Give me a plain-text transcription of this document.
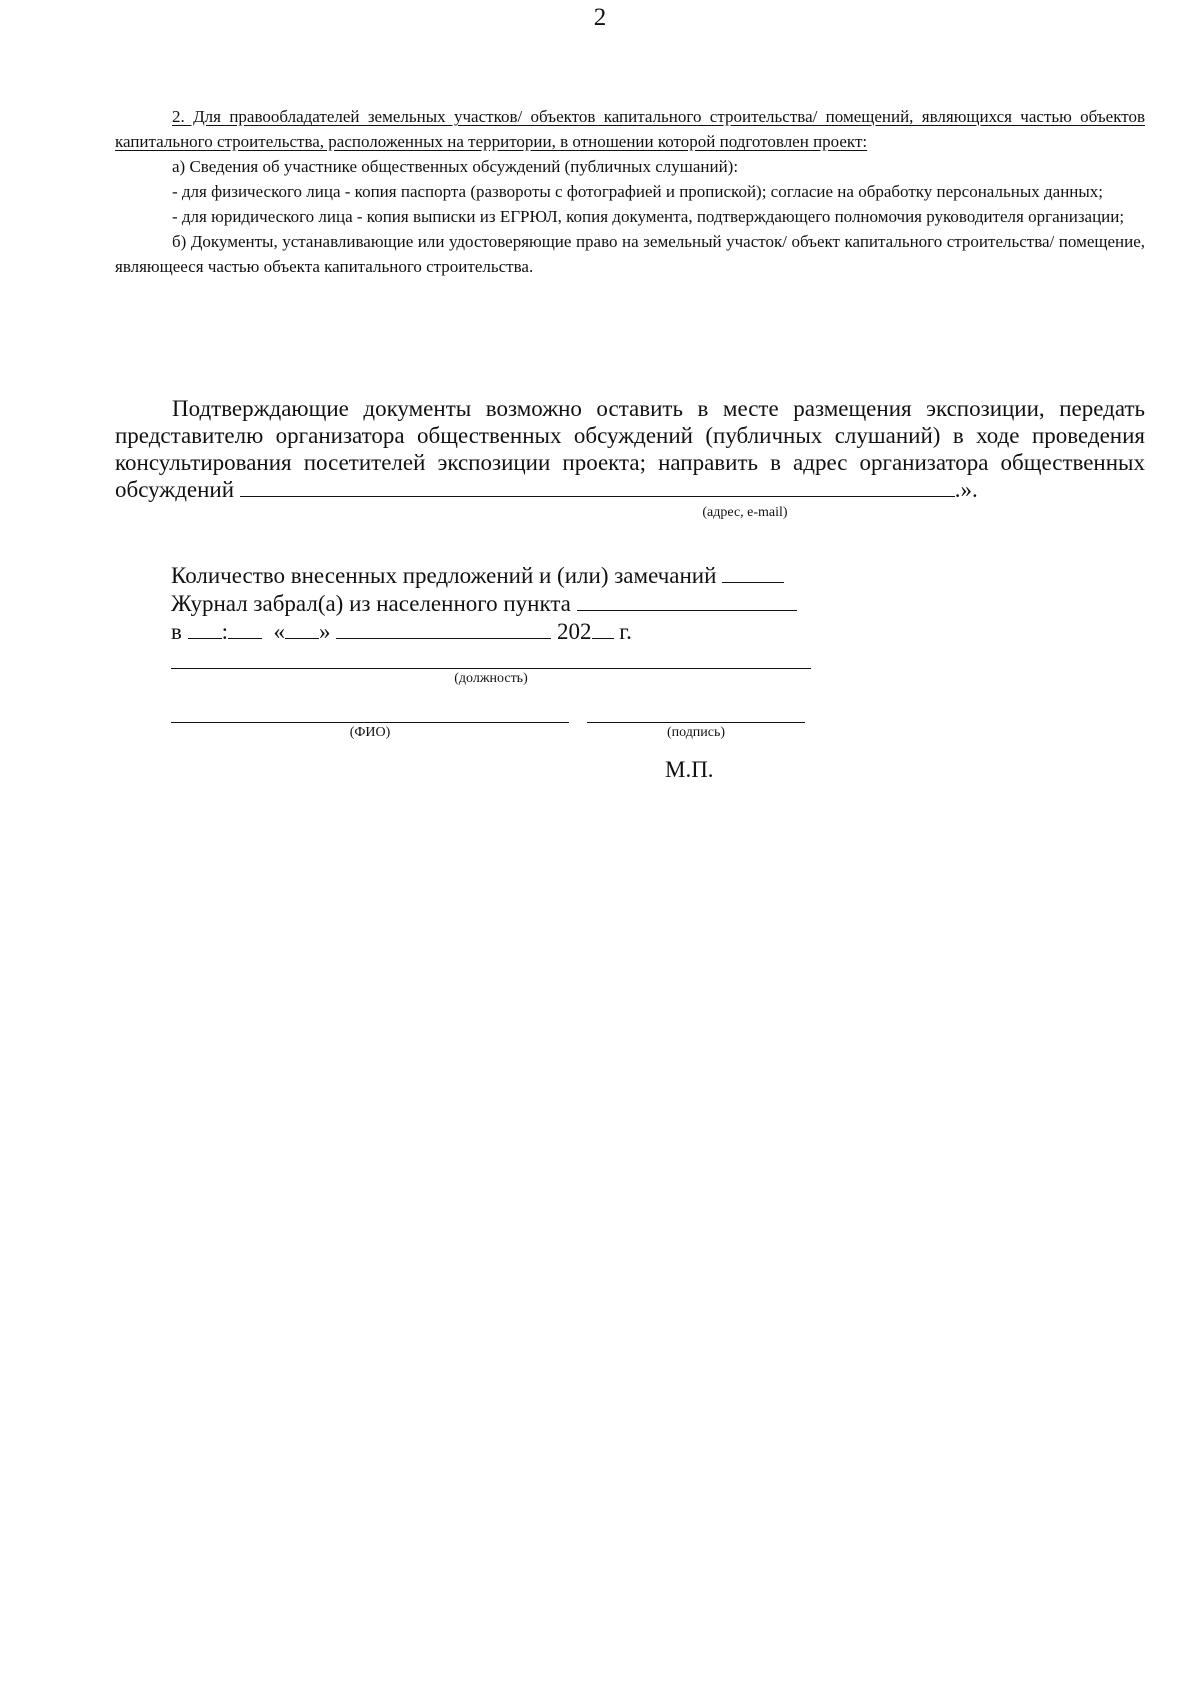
2

2. Для правообладателей земельных участков/ объектов капитального строительства/ помещений, являющихся частью объектов капитального строительства, расположенных на территории, в отношении которой подготовлен проект:

а) Сведения об участнике общественных обсуждений (публичных слушаний):

- для физического лица - копия паспорта (развороты с фотографией и пропиской); согласие на обработку персональных данных;

- для юридического лица - копия выписки из ЕГРЮЛ, копия документа, подтверждающего полномочия руководителя организации;

б) Документы, устанавливающие или удостоверяющие право на земельный участок/ объект капитального строительства/ помещение, являющееся частью объекта капитального строительства.

Подтверждающие документы возможно оставить в месте размещения экспозиции, передать представителю организатора общественных обсуждений (публичных слушаний) в ходе проведения консультирования посетителей экспозиции проекта; направить в адрес организатора общественных обсуждений	.».
(адрес, e-mail)
Количество внесенных предложений и (или) замечаний
Журнал забрал(а) из населенного пункта
в : « »	202 г.
(должность)
(ФИО)	(подпись)
М.П.
